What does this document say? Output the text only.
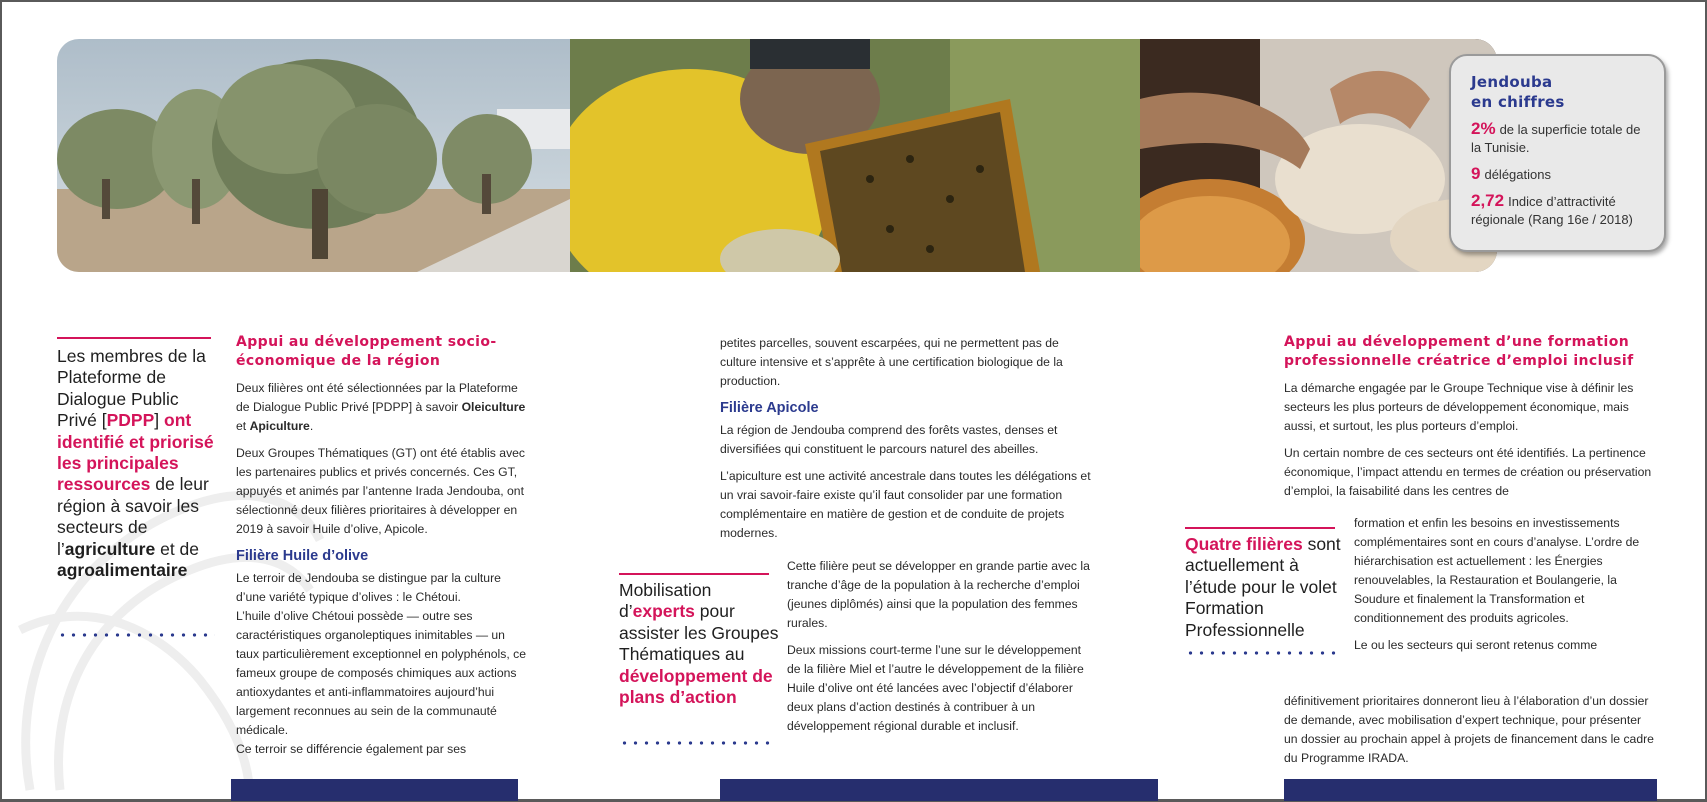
Jendouba
en chiffres
2% de la superficie totale de la Tunisie.
9 délégations
2,72 Indice d’attractivité régionale (Rang 16e / 2018)
Les membres de la Plateforme de Dialogue Public Privé [PDPP] ont identifié et priorisé les principales ressources de leur région à savoir les secteurs de l’agriculture et de agroalimentaire
Appui au développement socio-économique de la région

Deux filières ont été sélectionnées par la Plateforme de Dialogue Public Privé [PDPP] à savoir Oleiculture et Apiculture.

Deux Groupes Thématiques (GT) ont été établis avec les partenaires publics et privés concernés. Ces GT, appuyés et animés par l’antenne Irada Jendouba, ont sélectionné deux filières prioritaires à développer en 2019 à savoir Huile d’olive, Apicole.

Filière Huile d’olive

Le terroir de Jendouba se distingue par la culture d’une variété typique d’olives : le Chétoui.

L’huile d’olive Chétoui possède — outre ses caractéristiques organoleptiques inimitables — un taux particulièrement exceptionnel en polyphénols, ce fameux groupe de composés chimiques aux actions antioxydantes et anti-inflammatoires aujourd’hui largement reconnues au sein de la communauté médicale.

Ce terroir se différencie également par ses

petites parcelles, souvent escarpées, qui ne permettent pas de culture intensive et s’apprête à une certification biologique de la production.

Filière Apicole

La région de Jendouba comprend des forêts vastes, denses et diversifiées qui constituent le parcours naturel des abeilles.

L’apiculture est une activité ancestrale dans toutes les délégations et un vrai savoir-faire existe qu’il faut consolider par une formation complémentaire en matière de gestion et de conduite de projets modernes.

Cette filière peut se développer en grande partie avec la tranche d’âge de la population à la recherche d’emploi (jeunes diplômés) ainsi que la population des femmes rurales.

Deux missions court-terme l’une sur le développement de la filière Miel et l’autre le développement de la filière Huile d’olive ont été lancées avec l’objectif d’élaborer deux plans d’action destinés à contribuer à un développement régional durable et inclusif.

Mobilisation d’experts pour assister les Groupes Thématiques au développement de plans d’action
Appui au développement d’une formation professionnelle créatrice d’emploi inclusif

La démarche engagée par le Groupe Technique vise à définir les secteurs les plus porteurs de développement économique, mais aussi, et surtout, les plus porteurs d’emploi.

Un certain nombre de ces secteurs ont été identifiés. La pertinence économique, l’impact attendu en termes de création ou préservation d’emploi, la faisabilité dans les centres de

formation et enfin les besoins en investissements complémentaires sont en cours d’analyse. L’ordre de hiérarchisation est actuellement : les Énergies renouvelables, la Restauration et Boulangerie, la Soudure et finalement la Transformation et conditionnement des produits agricoles.

Le ou les secteurs qui seront retenus comme

définitivement prioritaires donneront lieu à l’élaboration d’un dossier de demande, avec mobilisation d’expert technique, pour présenter un dossier au prochain appel à projets de financement dans le cadre du Programme IRADA.

Quatre filières sont actuellement à l’étude pour le volet Formation Professionnelle
